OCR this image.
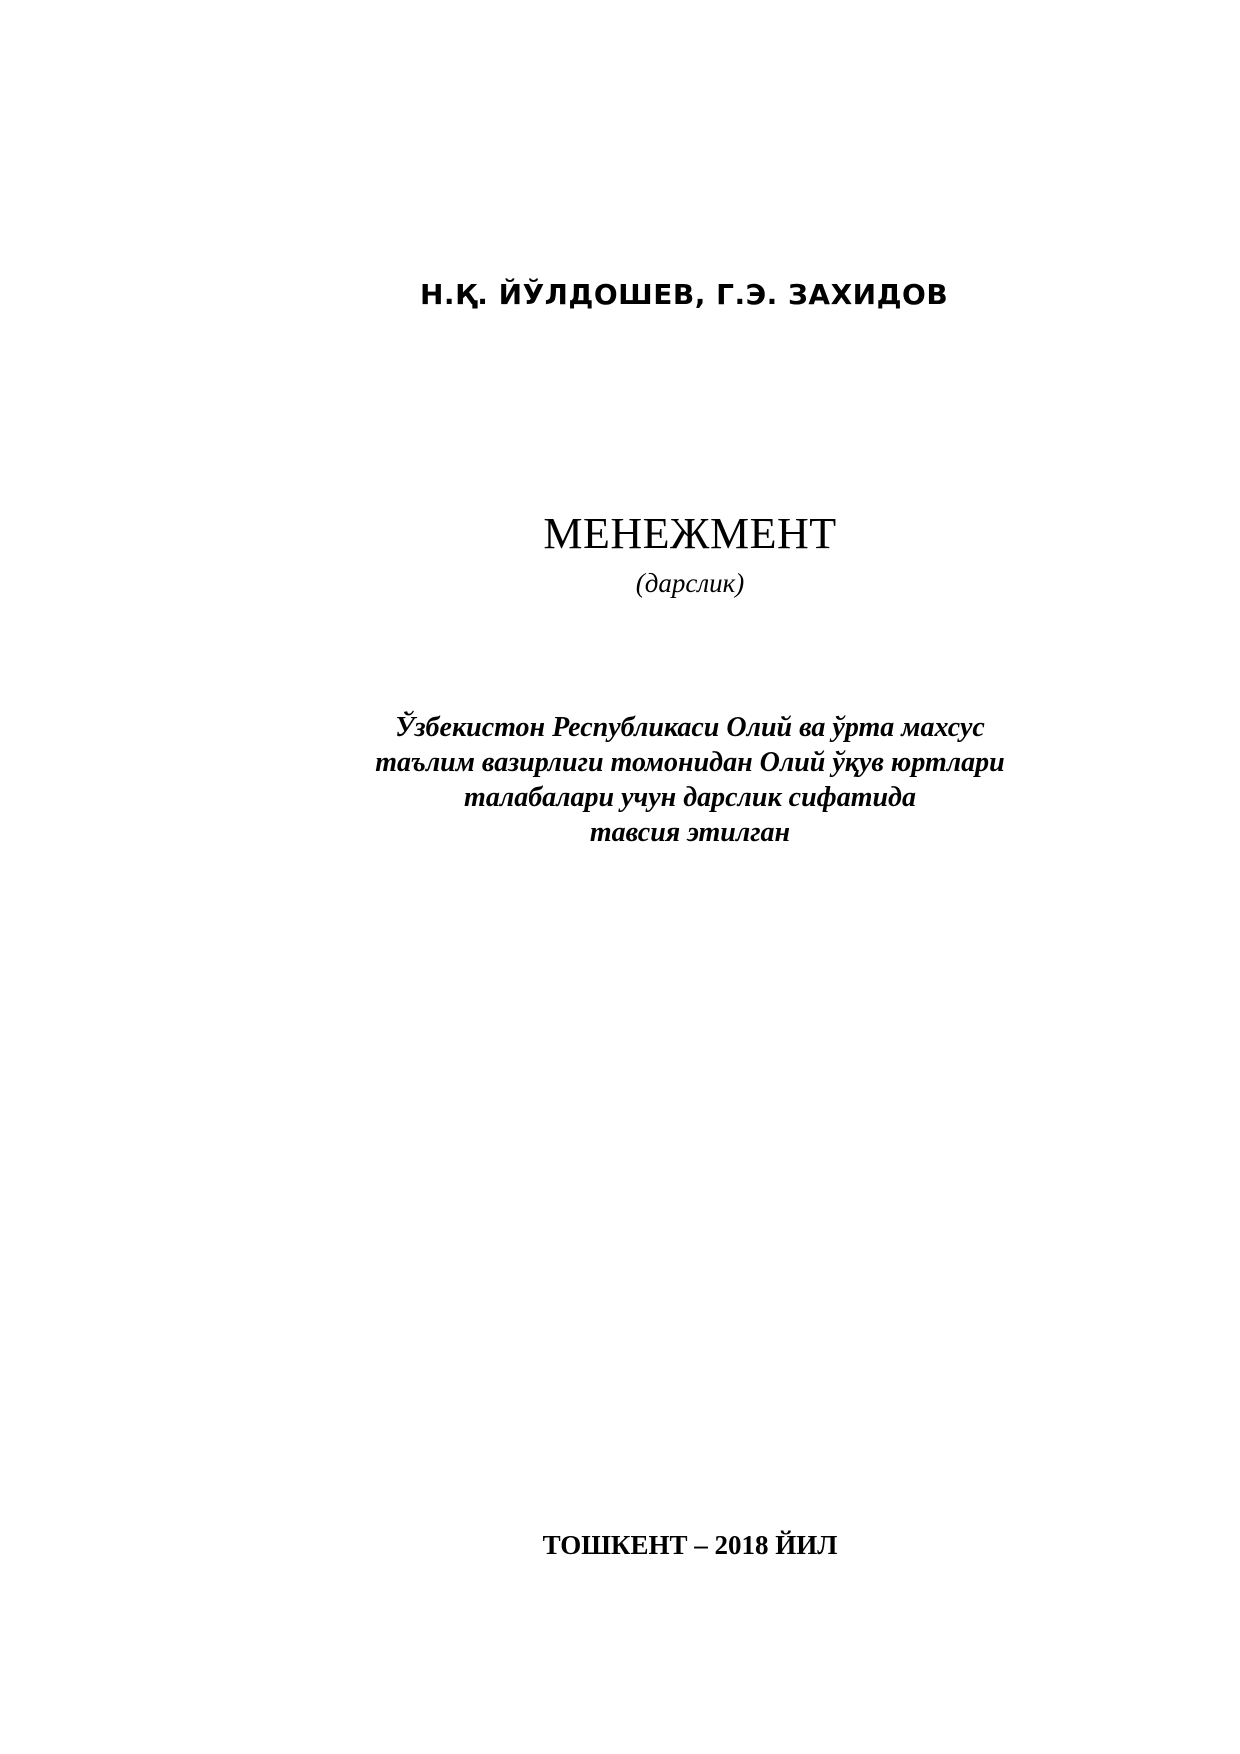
Н.Қ. ЙЎЛДОШЕВ, Г.Э. ЗАХИДОВ
МЕНЕЖМЕНТ
(дарслик)
Ўзбекистон Республикаси Олий ва ўрта махсус
таълим вазирлиги томонидан Олий ўқув юртлари
талабалари учун дарслик сифатида
тавсия этилган
ТОШКЕНТ – 2018 ЙИЛ
